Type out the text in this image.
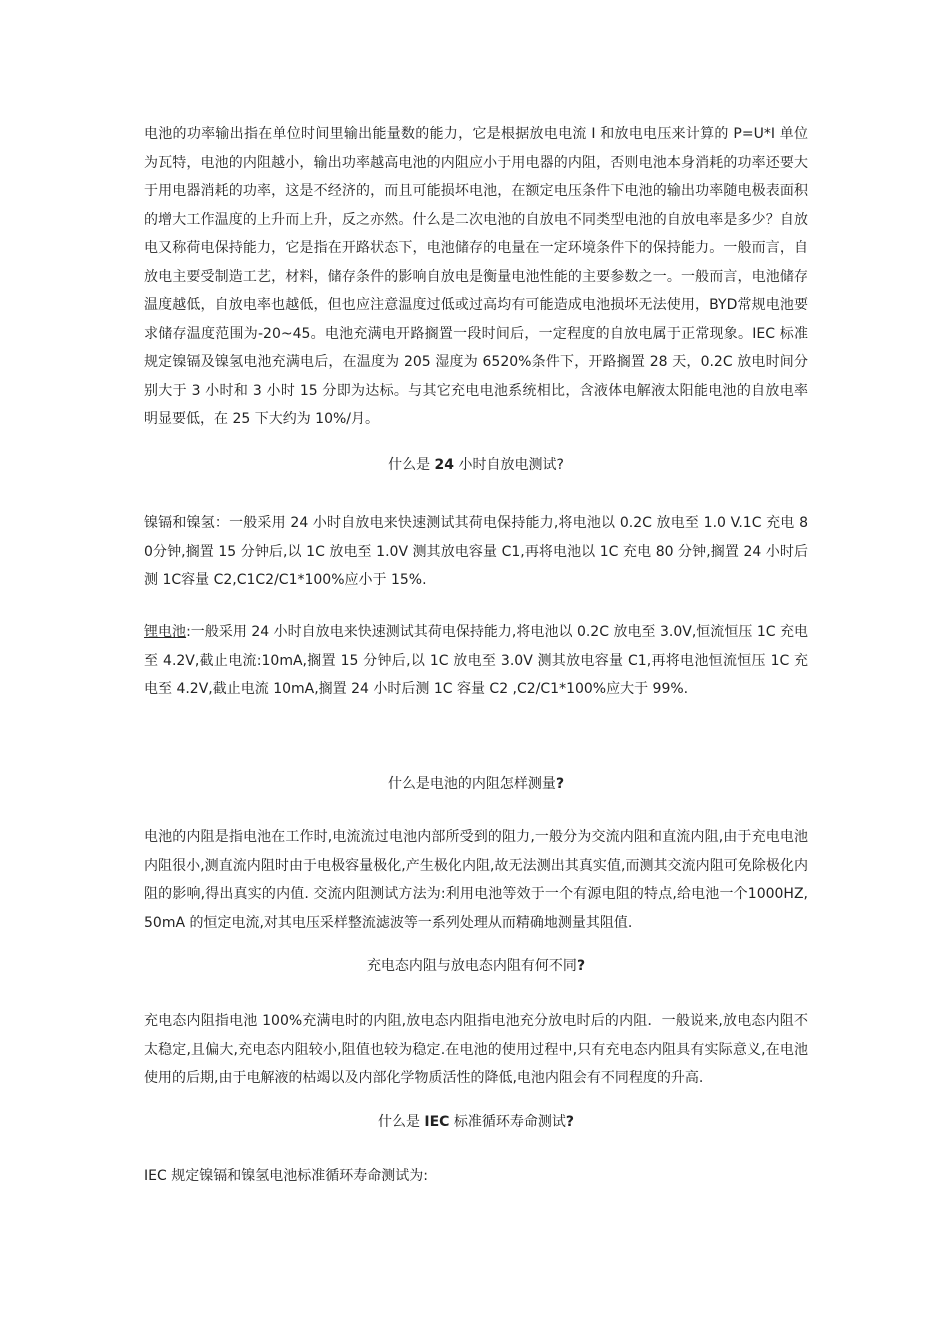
电池的功率输出指在单位时间里输出能量数的能力，它是根据放电电流 I 和放电电压来计算的 P=U*I 单位为瓦特，电池的内阻越小，输出功率越高电池的内阻应小于用电器的内阻，否则电池本身消耗的功率还要大于用电器消耗的功率，这是不经济的，而且可能损坏电池，在额定电压条件下电池的输出功率随电极表面积的增大工作温度的上升而上升，反之亦然。什么是二次电池的自放电不同类型电池的自放电率是多少？自放电又称荷电保持能力，它是指在开路状态下，电池储存的电量在一定环境条件下的保持能力。一般而言，自放电主要受制造工艺，材料，储存条件的影响自放电是衡量电池性能的主要参数之一。一般而言，电池储存温度越低，自放电率也越低，但也应注意温度过低或过高均有可能造成电池损坏无法使用，BYD常规电池要求储存温度范围为-20~45。电池充满电开路搁置一段时间后，一定程度的自放电属于正常现象。IEC 标准规定镍镉及镍氢电池充满电后，在温度为 205 湿度为 6520%条件下，开路搁置 28 天，0.2C 放电时间分别大于 3 小时和 3 小时 15 分即为达标。与其它充电电池系统相比，含液体电解液太阳能电池的自放电率明显要低，在 25 下大约为 10%/月。

什么是 24 小时自放电测试?

镍镉和镍氢：一般采用 24 小时自放电来快速测试其荷电保持能力,将电池以 0.2C 放电至 1.0 V.1C 充电 80分钟,搁置 15 分钟后,以 1C 放电至 1.0V 测其放电容量 C1,再将电池以 1C 充电 80 分钟,搁置 24 小时后测 1C容量 C2,C1C2/C1*100%应小于 15%.

锂电池:一般采用 24 小时自放电来快速测试其荷电保持能力,将电池以 0.2C 放电至 3.0V,恒流恒压 1C 充电至 4.2V,截止电流:10mA,搁置 15 分钟后,以 1C 放电至 3.0V 测其放电容量 C1,再将电池恒流恒压 1C 充电至 4.2V,截止电流 10mA,搁置 24 小时后测 1C 容量 C2 ,C2/C1*100%应大于 99%.

什么是电池的内阻怎样测量?

电池的内阻是指电池在工作时,电流流过电池内部所受到的阻力,一般分为交流内阻和直流内阻,由于充电电池内阻很小,测直流内阻时由于电极容量极化,产生极化内阻,故无法测出其真实值,而测其交流内阻可免除极化内阻的影响,得出真实的内值. 交流内阻测试方法为:利用电池等效于一个有源电阻的特点,给电池一个1000HZ,50mA 的恒定电流,对其电压采样整流滤波等一系列处理从而精确地测量其阻值.

充电态内阻与放电态内阻有何不同?

充电态内阻指电池 100%充满电时的内阻,放电态内阻指电池充分放电时后的内阻．一般说来,放电态内阻不太稳定,且偏大,充电态内阻较小,阻值也较为稳定.在电池的使用过程中,只有充电态内阻具有实际意义,在电池使用的后期,由于电解液的枯竭以及内部化学物质活性的降低,电池内阻会有不同程度的升高.

什么是 IEC 标准循环寿命测试?

IEC 规定镍镉和镍氢电池标准循环寿命测试为:
